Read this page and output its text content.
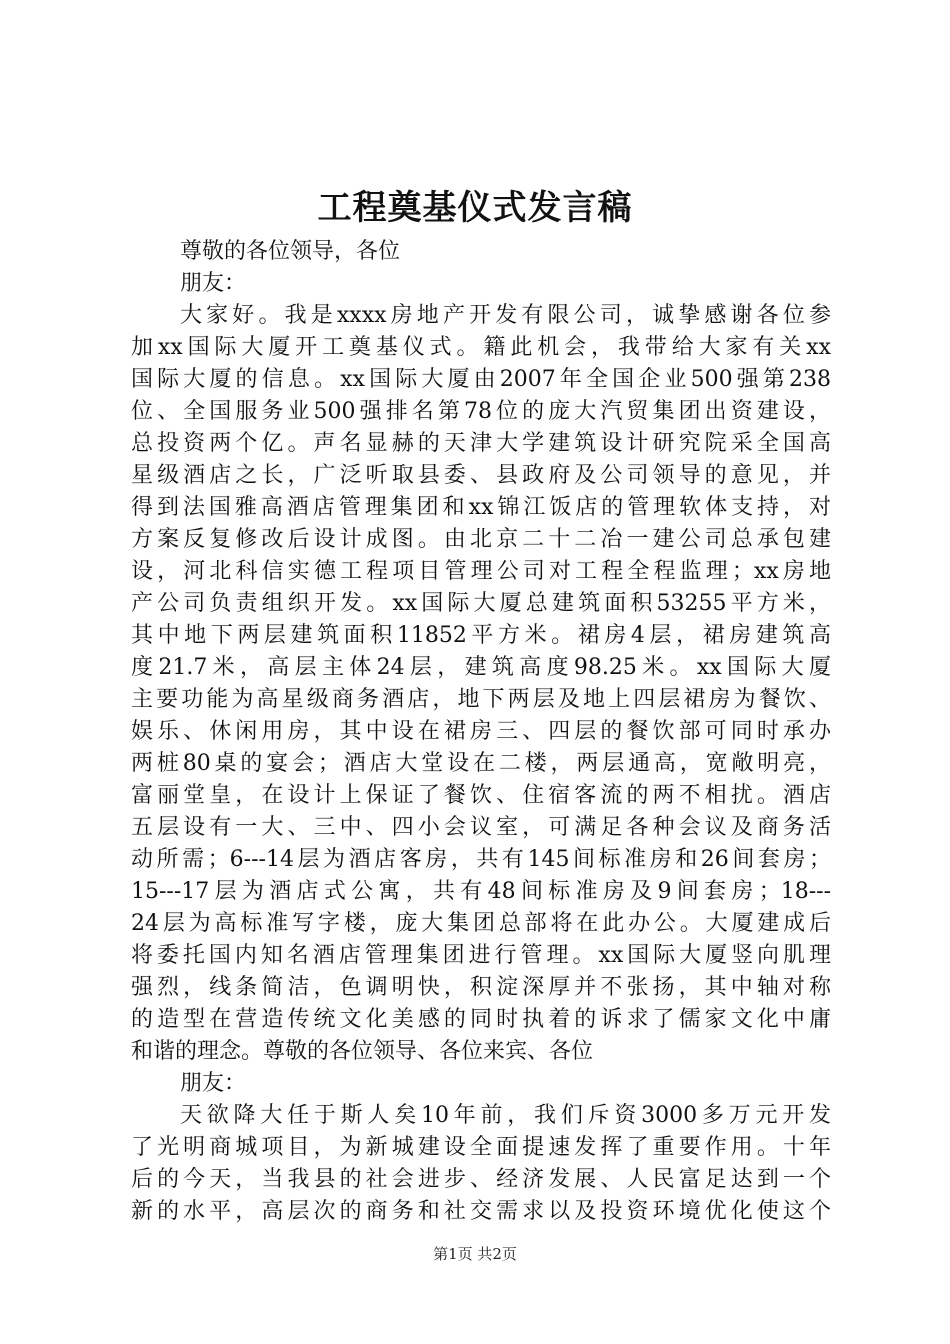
工程奠基仪式发言稿
尊敬的各位领导，各位
朋友：
大家好。我是xxxx房地产开发有限公司，诚挚感谢各位参
加xx国际大厦开工奠基仪式。籍此机会，我带给大家有关xx
国际大厦的信息。xx国际大厦由2007年全国企业500强第238
位、全国服务业500强排名第78位的庞大汽贸集团出资建设，
总投资两个亿。声名显赫的天津大学建筑设计研究院采全国高
星级酒店之长，广泛听取县委、县政府及公司领导的意见，并
得到法国雅高酒店管理集团和xx锦江饭店的管理软体支持，对
方案反复修改后设计成图。由北京二十二冶一建公司总承包建
设，河北科信实德工程项目管理公司对工程全程监理；xx房地
产公司负责组织开发。xx国际大厦总建筑面积53255平方米，
其中地下两层建筑面积11852平方米。裙房4层，裙房建筑高
度21.7米，高层主体24层，建筑高度98.25米。xx国际大厦
主要功能为高星级商务酒店，地下两层及地上四层裙房为餐饮、
娱乐、休闲用房，其中设在裙房三、四层的餐饮部可同时承办
两桩80桌的宴会；酒店大堂设在二楼，两层通高，宽敞明亮，
富丽堂皇，在设计上保证了餐饮、住宿客流的两不相扰。酒店
五层设有一大、三中、四小会议室，可满足各种会议及商务活
动所需；6---14层为酒店客房，共有145间标准房和26间套房；
15---17层为酒店式公寓，共有48间标准房及9间套房；18---
24层为高标准写字楼，庞大集团总部将在此办公。大厦建成后
将委托国内知名酒店管理集团进行管理。xx国际大厦竖向肌理
强烈，线条简洁，色调明快，积淀深厚并不张扬，其中轴对称
的造型在营造传统文化美感的同时执着的诉求了儒家文化中庸
和谐的理念。尊敬的各位领导、各位来宾、各位
朋友：
天欲降大任于斯人矣10年前，我们斥资3000多万元开发
了光明商城项目，为新城建设全面提速发挥了重要作用。十年
后的今天，当我县的社会进步、经济发展、人民富足达到一个
新的水平，高层次的商务和社交需求以及投资环境优化使这个
第1页 共2页
